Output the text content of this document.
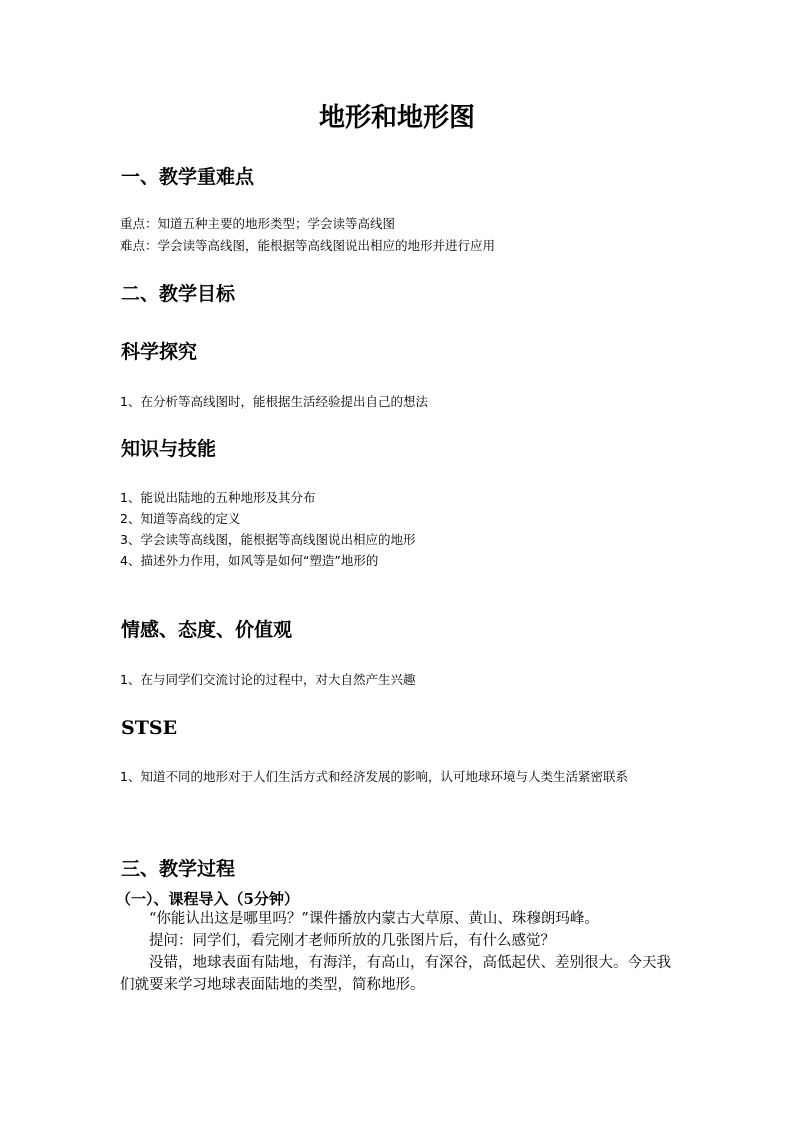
地形和地形图
一、教学重难点
重点：知道五种主要的地形类型；学会读等高线图
难点：学会读等高线图，能根据等高线图说出相应的地形并进行应用
二、教学目标
科学探究
1、在分析等高线图时，能根据生活经验提出自己的想法
知识与技能
1、能说出陆地的五种地形及其分布
2、知道等高线的定义
3、学会读等高线图，能根据等高线图说出相应的地形
4、描述外力作用，如风等是如何“塑造”地形的
情感、态度、价值观
1、在与同学们交流讨论的过程中，对大自然产生兴趣
STSE
1、知道不同的地形对于人们生活方式和经济发展的影响，认可地球环境与人类生活紧密联系
三、教学过程
（一）、课程导入（5分钟）
“你能认出这是哪里吗？”课件播放内蒙古大草原、黄山、珠穆朗玛峰。
提问：同学们，看完刚才老师所放的几张图片后，有什么感觉？
没错，地球表面有陆地，有海洋，有高山，有深谷，高低起伏、差别很大。今天我们就要来学习地球表面陆地的类型，简称地形。
